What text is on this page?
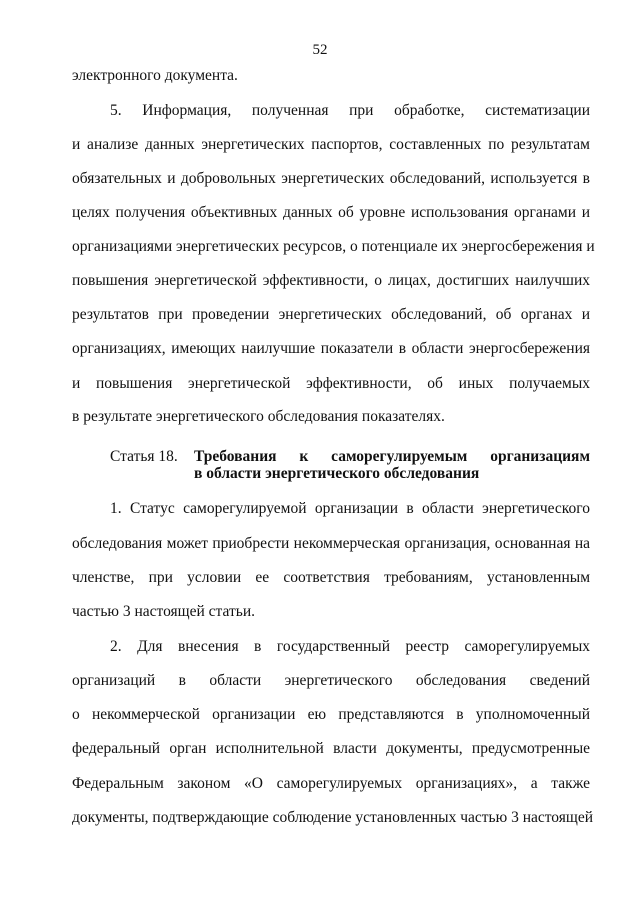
52
электронного документа.
5. Информация, полученная при обработке, систематизации
и анализе данных энергетических паспортов, составленных по результатам
обязательных и добровольных энергетических обследований, используется в
целях получения объективных данных об уровне использования органами и
организациями энергетических ресурсов, о потенциале их энергосбережения и
повышения энергетической эффективности, о лицах, достигших наилучших
результатов при проведении энергетических обследований, об органах и
организациях, имеющих наилучшие показатели в области энергосбережения
и повышения энергетической эффективности, об иных получаемых
в результате энергетического обследования показателях.
Статья 18. Требования к саморегулируемым организациям
в области энергетического обследования
1. Статус саморегулируемой организации в области энергетического
обследования может приобрести некоммерческая организация, основанная на
членстве, при условии ее соответствия требованиям, установленным
частью 3 настоящей статьи.
2. Для внесения в государственный реестр саморегулируемых
организаций в области энергетического обследования сведений
о некоммерческой организации ею представляются в уполномоченный
федеральный орган исполнительной власти документы, предусмотренные
Федеральным законом «О саморегулируемых организациях», а также
документы, подтверждающие соблюдение установленных частью 3 настоящей
